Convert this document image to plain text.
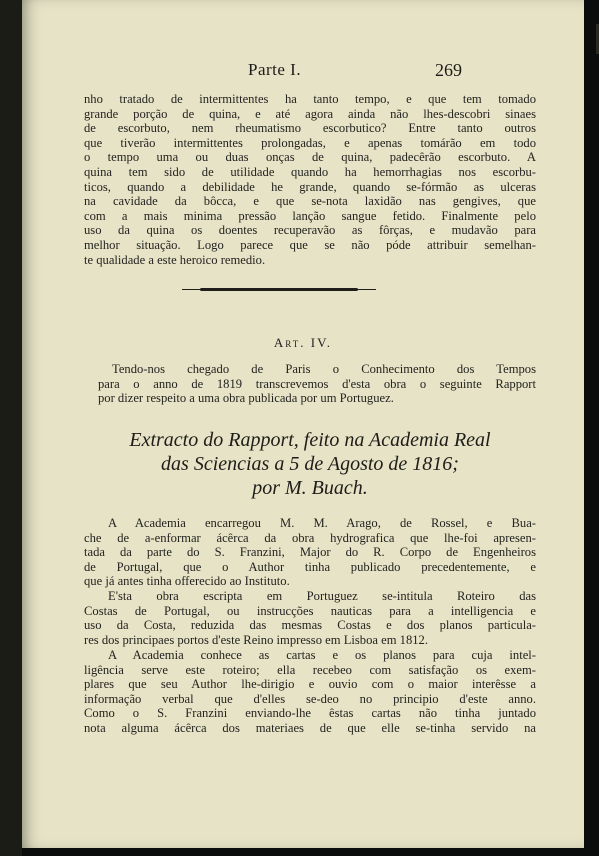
Parte I.	269
nho tratado de intermittentes ha tanto tempo, e que tem tomado
grande porção de quina, e até agora ainda não lhes-descobri sinaes
de escorbuto, nem rheumatismo escorbutico? Entre tanto outros
que tiverão intermittentes prolongadas, e apenas tomárão em todo
o tempo uma ou duas onças de quina, padecêrão escorbuto. A
quina tem sido de utilidade quando ha hemorrhagias nos escorbu-
ticos, quando a debilidade he grande, quando se-fórmão as ulceras
na cavidade da bôcca, e que se-nota laxidão nas gengives, que
com a mais minima pressão lanção sangue fetido. Finalmente pelo
uso da quina os doentes recuperavão as fôrças, e mudavão para
melhor situação. Logo parece que se não póde attribuir semelhan-
te qualidade a este heroico remedio.
Art. IV.
Tendo-nos chegado de Paris o Conhecimento dos Tempos
para o anno de 1819 transcrevemos d'esta obra o seguinte Rapport
por dizer respeito a uma obra publicada por um Portuguez.
Extracto do Rapport, feito na Academia Real
das Sciencias a 5 de Agosto de 1816;
por M. Buach.
A Academia encarregou M. M. Arago, de Rossel, e Bua-
che de a-enformar ácêrca da obra hydrografica que lhe-foi apresen-
tada da parte do S. Franzini, Major do R. Corpo de Engenheiros
de Portugal, que o Author tinha publicado precedentemente, e
que já antes tinha offerecido ao Instituto.
E'sta obra escripta em Portuguez se-intitula Roteiro das
Costas de Portugal, ou instrucções nauticas para a intelligencia e
uso da Costa, reduzida das mesmas Costas e dos planos particula-
res dos principaes portos d'este Reino impresso em Lisboa em 1812.
A Academia conhece as cartas e os planos para cuja intel-
ligência serve este roteiro; ella recebeo com satisfação os exem-
plares que seu Author lhe-dirigio e ouvio com o maior interêsse a
informação verbal que d'elles se-deo no principio d'este anno.
Como o S. Franzini enviando-lhe êstas cartas não tinha juntado
nota alguma ácêrca dos materiaes de que elle se-tinha servido na
